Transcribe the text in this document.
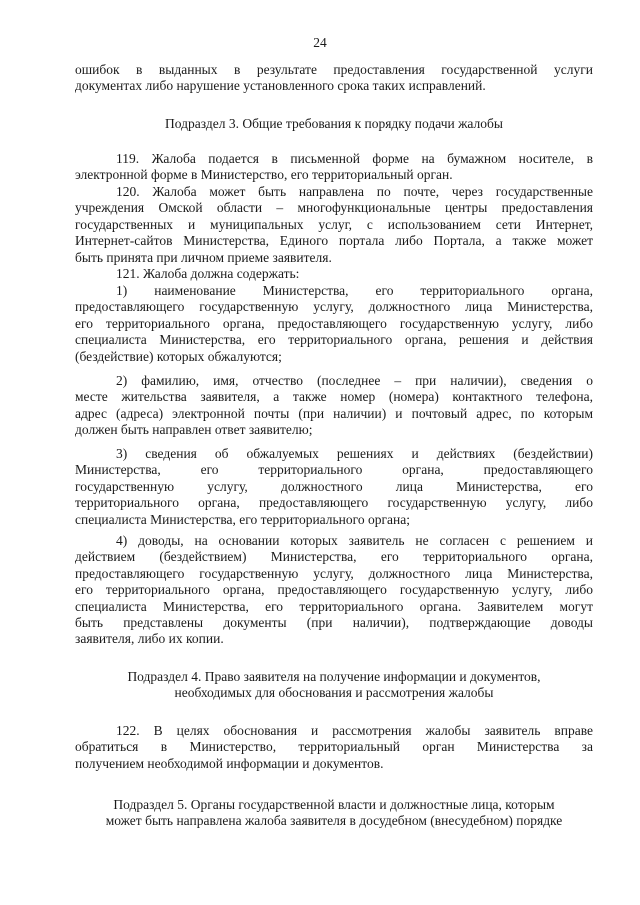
24

ошибок в выданных в результате предоставления государственной услуги

документах либо нарушение установленного срока таких исправлений.

Подраздел 3. Общие требования к порядку подачи жалобы

119. Жалоба подается в письменной форме на бумажном носителе, в

электронной форме в Министерство, его территориальный орган.

120. Жалоба может быть направлена по почте, через государственные

учреждения Омской области – многофункциональные центры предоставления

государственных и муниципальных услуг, с использованием сети Интернет,

Интернет-сайтов Министерства, Единого портала либо Портала, а также может

быть принята при личном приеме заявителя.

121. Жалоба должна содержать:

1) наименование Министерства, его территориального органа,

предоставляющего государственную услугу, должностного лица Министерства,

его территориального органа, предоставляющего государственную услугу, либо

специалиста Министерства, его территориального органа, решения и действия

(бездействие) которых обжалуются;

2) фамилию, имя, отчество (последнее – при наличии), сведения о

месте жительства заявителя, а также номер (номера) контактного телефона,

адрес (адреса) электронной почты (при наличии) и почтовый адрес, по которым

должен быть направлен ответ заявителю;

3) сведения об обжалуемых решениях и действиях (бездействии)

Министерства, его территориального органа, предоставляющего

государственную услугу, должностного лица Министерства, его

территориального органа, предоставляющего государственную услугу, либо

специалиста Министерства, его территориального органа;

4) доводы, на основании которых заявитель не согласен с решением и

действием (бездействием) Министерства, его территориального органа,

предоставляющего государственную услугу, должностного лица Министерства,

его территориального органа, предоставляющего государственную услугу, либо

специалиста Министерства, его территориального органа. Заявителем могут

быть представлены документы (при наличии), подтверждающие доводы

заявителя, либо их копии.

Подраздел 4. Право заявителя на получение информации и документов,

необходимых для обоснования и рассмотрения жалобы

122. В целях обоснования и рассмотрения жалобы заявитель вправе

обратиться в Министерство, территориальный орган Министерства за

получением необходимой информации и документов.

Подраздел 5. Органы государственной власти и должностные лица, которым

может быть направлена жалоба заявителя в досудебном (внесудебном) порядке
